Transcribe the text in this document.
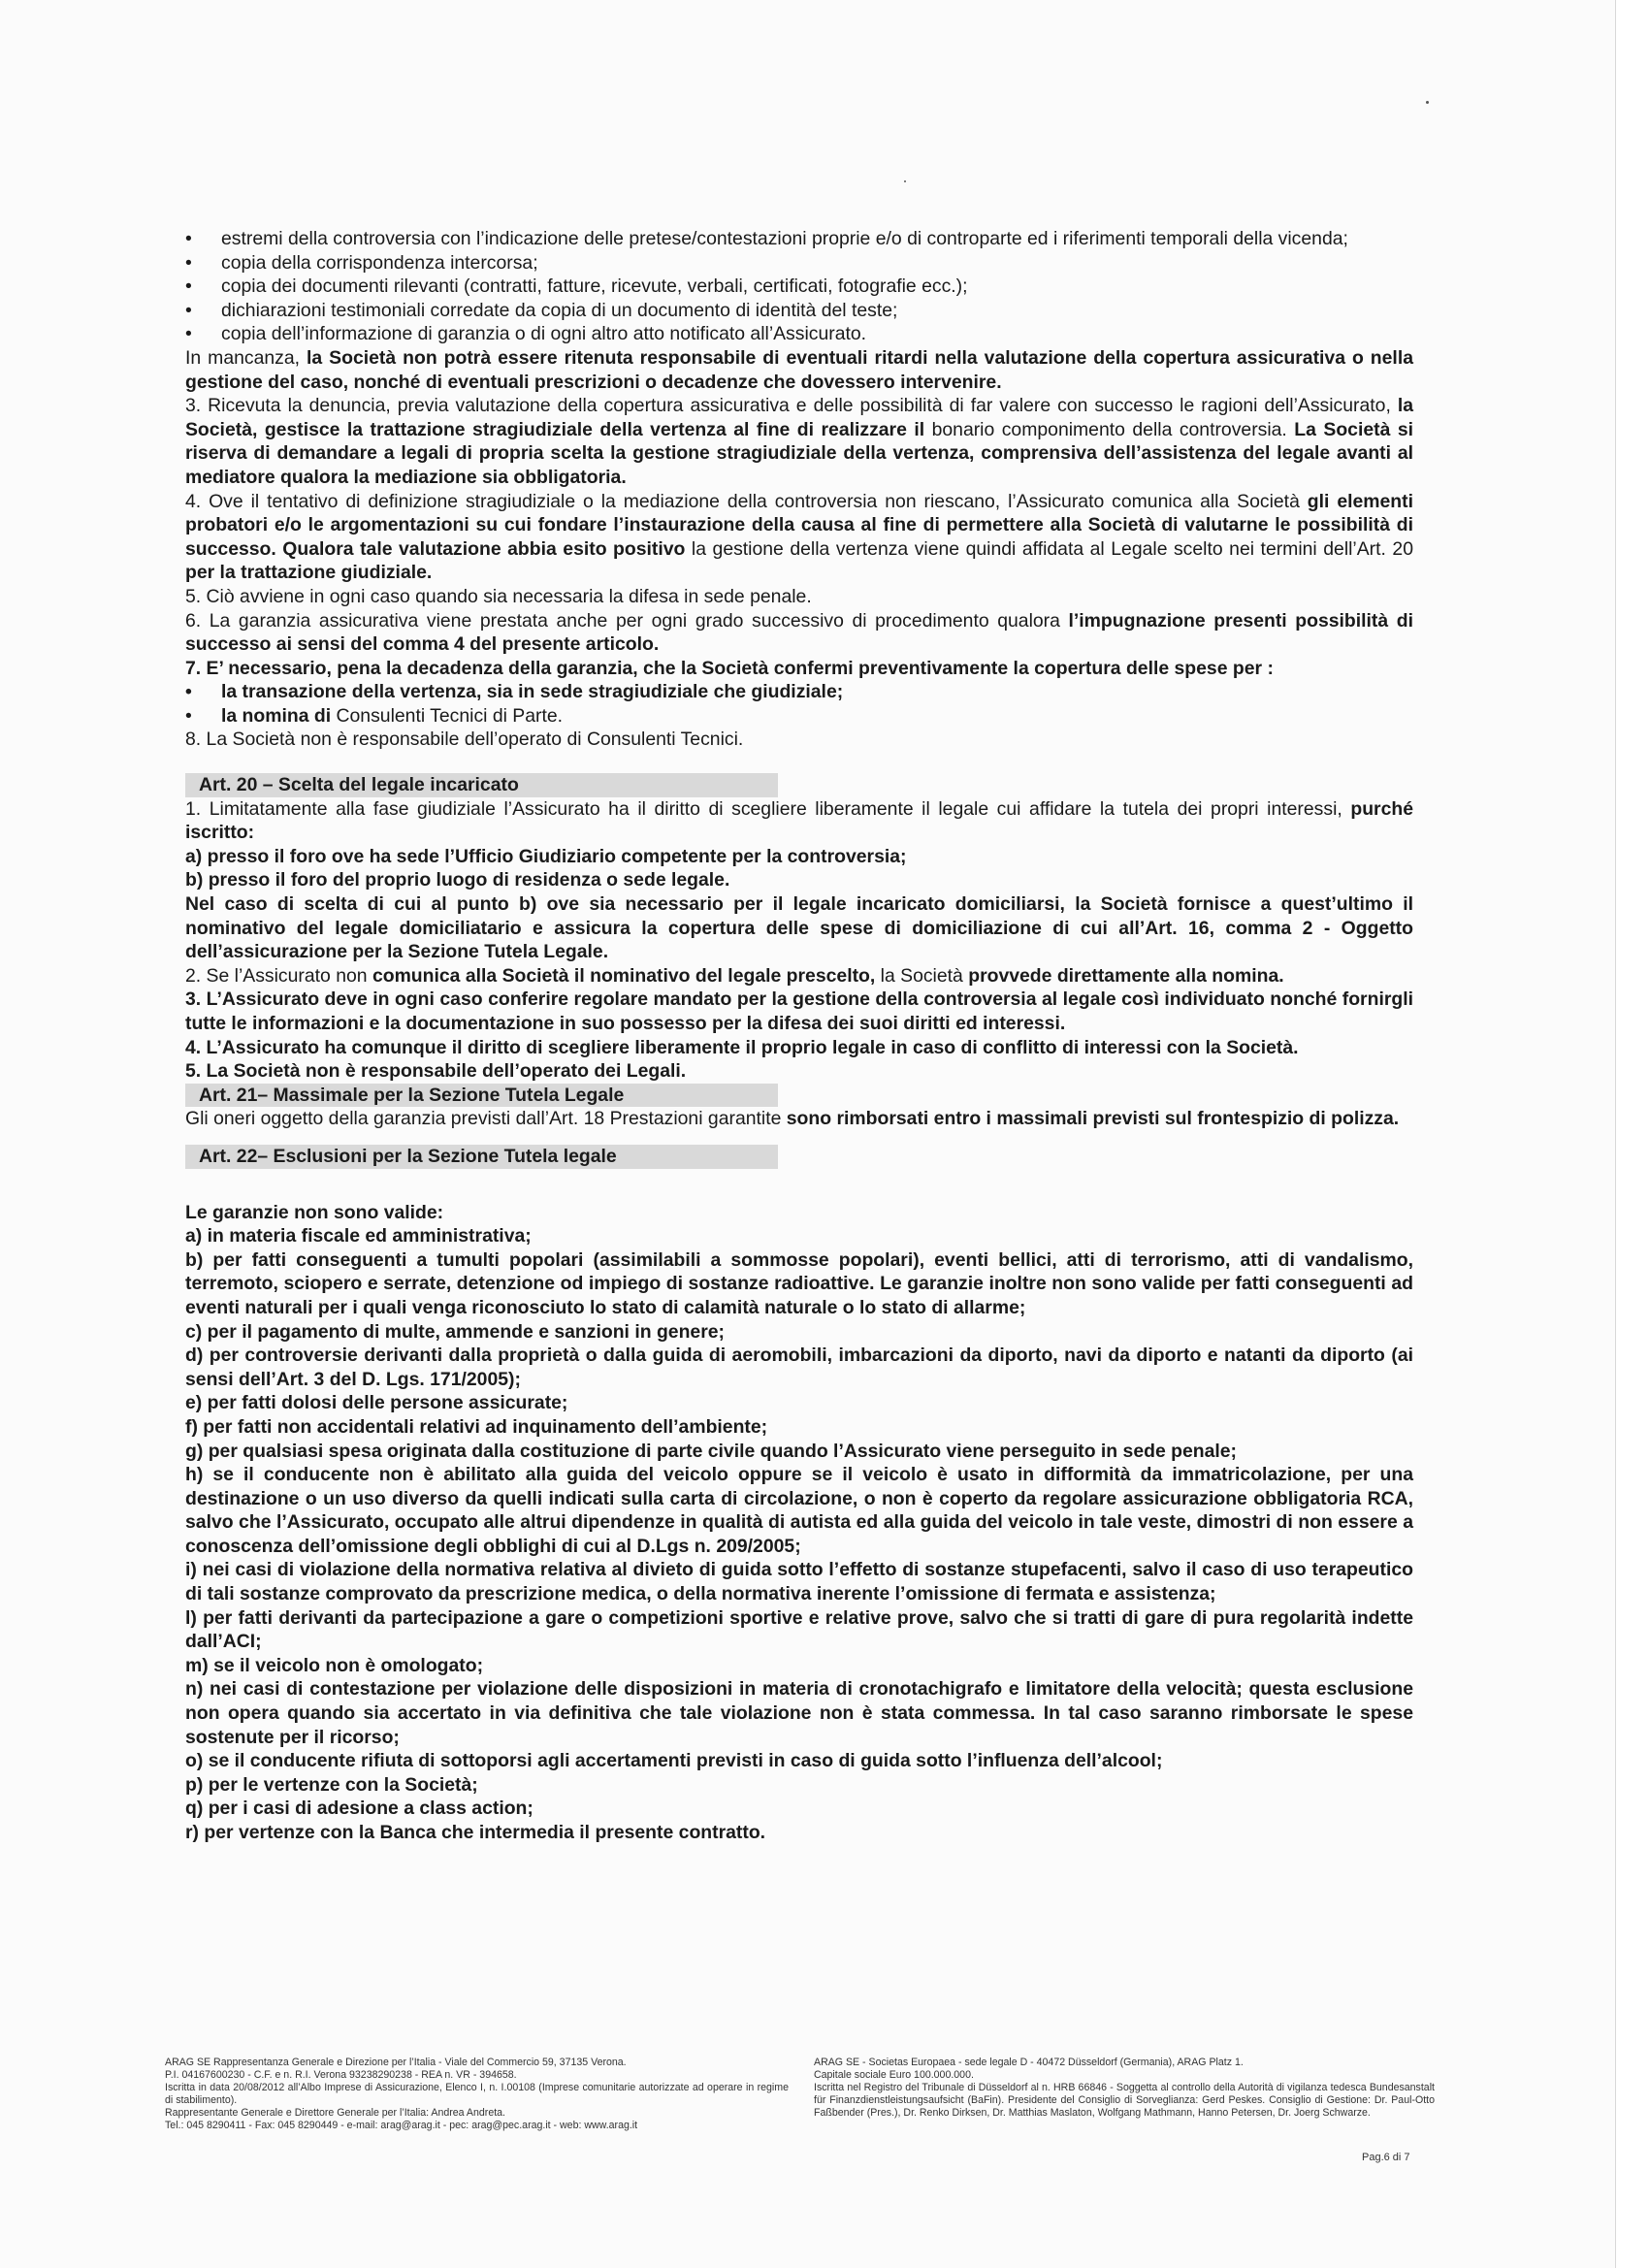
• estremi della controversia con l’indicazione delle pretese/contestazioni proprie e/o di controparte ed i riferimenti temporali della vicenda;
• copia della corrispondenza intercorsa;
• copia dei documenti rilevanti (contratti, fatture, ricevute, verbali, certificati, fotografie ecc.);
• dichiarazioni testimoniali corredate da copia di un documento di identità del teste;
• copia dell’informazione di garanzia o di ogni altro atto notificato all’Assicurato.

In mancanza, la Società non potrà essere ritenuta responsabile di eventuali ritardi nella valutazione della copertura assicurativa o nella gestione del caso, nonché di eventuali prescrizioni o decadenze che dovessero intervenire.

3. Ricevuta la denuncia, previa valutazione della copertura assicurativa e delle possibilità di far valere con successo le ragioni dell’Assicurato, la Società, gestisce la trattazione stragiudiziale della vertenza al fine di realizzare il bonario componimento della controversia. La Società si riserva di demandare a legali di propria scelta la gestione stragiudiziale della vertenza, comprensiva dell’assistenza del legale avanti al mediatore qualora la mediazione sia obbligatoria.

4. Ove il tentativo di definizione stragiudiziale o la mediazione della controversia non riescano, l’Assicurato comunica alla Società gli elementi probatori e/o le argomentazioni su cui fondare l’instaurazione della causa al fine di permettere alla Società di valutarne le possibilità di successo. Qualora tale valutazione abbia esito positivo la gestione della vertenza viene quindi affidata al Legale scelto nei termini dell’Art. 20 per la trattazione giudiziale.

5. Ciò avviene in ogni caso quando sia necessaria la difesa in sede penale.

6. La garanzia assicurativa viene prestata anche per ogni grado successivo di procedimento qualora l’impugnazione presenti possibilità di successo ai sensi del comma 4 del presente articolo.

7. E’ necessario, pena la decadenza della garanzia, che la Società confermi preventivamente la copertura delle spese per :

• la transazione della vertenza, sia in sede stragiudiziale che giudiziale;
• la nomina di Consulenti Tecnici di Parte.

8. La Società non è responsabile dell’operato di Consulenti Tecnici.

Art. 20 – Scelta del legale incaricato

1. Limitatamente alla fase giudiziale l’Assicurato ha il diritto di scegliere liberamente il legale cui affidare la tutela dei propri interessi, purché iscritto:

a) presso il foro ove ha sede l’Ufficio Giudiziario competente per la controversia;

b) presso il foro del proprio luogo di residenza o sede legale.

Nel caso di scelta di cui al punto b) ove sia necessario per il legale incaricato domiciliarsi, la Società fornisce a quest’ultimo il nominativo del legale domiciliatario e assicura la copertura delle spese di domiciliazione di cui all’Art. 16, comma 2 - Oggetto dell’assicurazione per la Sezione Tutela Legale.

2. Se l’Assicurato non comunica alla Società il nominativo del legale prescelto, la Società provvede direttamente alla nomina.

3. L’Assicurato deve in ogni caso conferire regolare mandato per la gestione della controversia al legale così individuato nonché fornirgli tutte le informazioni e la documentazione in suo possesso per la difesa dei suoi diritti ed interessi.

4. L’Assicurato ha comunque il diritto di scegliere liberamente il proprio legale in caso di conflitto di interessi con la Società.

5. La Società non è responsabile dell’operato dei Legali.

Art. 21– Massimale per la Sezione Tutela Legale

Gli oneri oggetto della garanzia previsti dall’Art. 18 Prestazioni garantite sono rimborsati entro i massimali previsti sul frontespizio di polizza.

Art. 22– Esclusioni per la Sezione Tutela legale

Le garanzie non sono valide:

a) in materia fiscale ed amministrativa;

b) per fatti conseguenti a tumulti popolari (assimilabili a sommosse popolari), eventi bellici, atti di terrorismo, atti di vandalismo, terremoto, sciopero e serrate, detenzione od impiego di sostanze radioattive. Le garanzie inoltre non sono valide per fatti conseguenti ad eventi naturali per i quali venga riconosciuto lo stato di calamità naturale o lo stato di allarme;

c) per il pagamento di multe, ammende e sanzioni in genere;

d) per controversie derivanti dalla proprietà o dalla guida di aeromobili, imbarcazioni da diporto, navi da diporto e natanti da diporto (ai sensi dell’Art. 3 del D. Lgs. 171/2005);

e) per fatti dolosi delle persone assicurate;

f) per fatti non accidentali relativi ad inquinamento dell’ambiente;

g) per qualsiasi spesa originata dalla costituzione di parte civile quando l’Assicurato viene perseguito in sede penale;

h) se il conducente non è abilitato alla guida del veicolo oppure se il veicolo è usato in difformità da immatricolazione, per una destinazione o un uso diverso da quelli indicati sulla carta di circolazione, o non è coperto da regolare assicurazione obbligatoria RCA, salvo che l’Assicurato, occupato alle altrui dipendenze in qualità di autista ed alla guida del veicolo in tale veste, dimostri di non essere a conoscenza dell’omissione degli obblighi di cui al D.Lgs n. 209/2005;

i) nei casi di violazione della normativa relativa al divieto di guida sotto l’effetto di sostanze stupefacenti, salvo il caso di uso terapeutico di tali sostanze comprovato da prescrizione medica, o della normativa inerente l’omissione di fermata e assistenza;

l) per fatti derivanti da partecipazione a gare o competizioni sportive e relative prove, salvo che si tratti di gare di pura regolarità indette dall’ACI;

m) se il veicolo non è omologato;

n) nei casi di contestazione per violazione delle disposizioni in materia di cronotachigrafo e limitatore della velocità; questa esclusione non opera quando sia accertato in via definitiva che tale violazione non è stata commessa. In tal caso saranno rimborsate le spese sostenute per il ricorso;

o) se il conducente rifiuta di sottoporsi agli accertamenti previsti in caso di guida sotto l’influenza dell’alcool;

p) per le vertenze con la Società;

q) per i casi di adesione a class action;

r) per vertenze con la Banca che intermedia il presente contratto.

ARAG SE Rappresentanza Generale e Direzione per l’Italia - Viale del Commercio 59, 37135 Verona.

P.I. 04167600230 - C.F. e n. R.I. Verona 93238290238 - REA n. VR - 394658.

Iscritta in data 20/08/2012 all’Albo Imprese di Assicurazione, Elenco I, n. I.00108 (Imprese comunitarie autorizzate ad operare in regime di stabilimento).

Rappresentante Generale e Direttore Generale per l’Italia: Andrea Andreta.

Tel.: 045 8290411 - Fax: 045 8290449 - e-mail: arag@arag.it - pec: arag@pec.arag.it - web: www.arag.it

ARAG SE - Societas Europaea - sede legale D - 40472 Düsseldorf (Germania), ARAG Platz 1.

Capitale sociale Euro 100.000.000.

Iscritta nel Registro del Tribunale di Düsseldorf al n. HRB 66846 - Soggetta al controllo della Autorità di vigilanza tedesca Bundesanstalt für Finanzdienstleistungsaufsicht (BaFin). Presidente del Consiglio di Sorveglianza: Gerd Peskes. Consiglio di Gestione: Dr. Paul-Otto Faßbender (Pres.), Dr. Renko Dirksen, Dr. Matthias Maslaton, Wolfgang Mathmann, Hanno Petersen, Dr. Joerg Schwarze.

Pag.6 di 7
